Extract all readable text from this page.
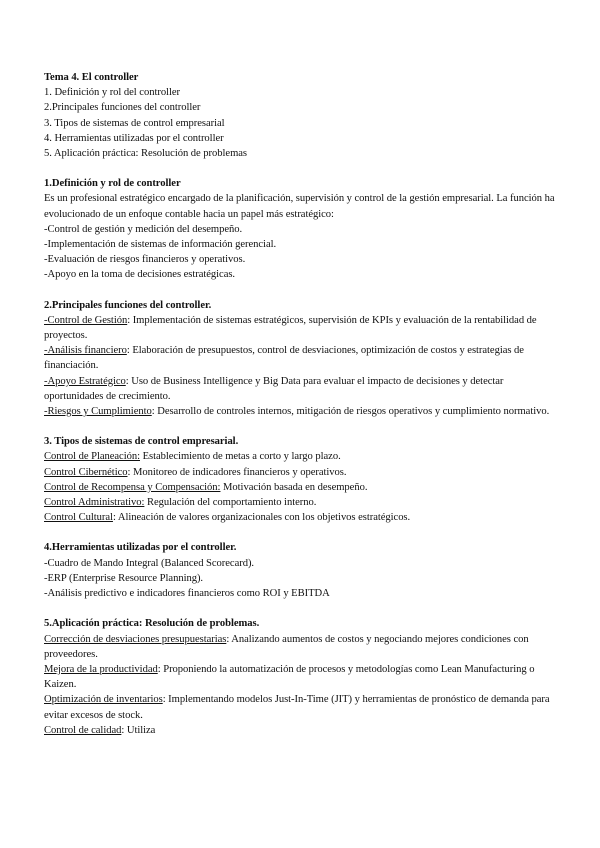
Tema 4. El controller

1. Definición y rol del controller

2.Principales funciones del controller

3. Tipos de sistemas de control empresarial

4. Herramientas utilizadas por el controller

5. Aplicación práctica: Resolución de problemas

1.Definición y rol de controller

Es un profesional estratégico encargado de la planificación, supervisión y control de la gestión empresarial. La función ha evolucionado de un enfoque contable hacia un papel más estratégico:

-Control de gestión y medición del desempeño.

-Implementación de sistemas de información gerencial.

-Evaluación de riesgos financieros y operativos.

-Apoyo en la toma de decisiones estratégicas.

2.Principales funciones del controller.

-Control de Gestión: Implementación de sistemas estratégicos, supervisión de KPIs y evaluación de la rentabilidad de proyectos.

-Análisis financiero: Elaboración de presupuestos, control de desviaciones, optimización de costos y estrategias de financiación.

-Apoyo Estratégico: Uso de Business Intelligence y Big Data para evaluar el impacto de decisiones y detectar oportunidades de crecimiento.

-Riesgos y Cumplimiento: Desarrollo de controles internos, mitigación de riesgos operativos y cumplimiento normativo.

3. Tipos de sistemas de control empresarial.

Control de Planeación: Establecimiento de metas a corto y largo plazo.

Control Cibernético: Monitoreo de indicadores financieros y operativos.

Control de Recompensa y Compensación: Motivación basada en desempeño.

Control Administrativo: Regulación del comportamiento interno.

Control Cultural: Alineación de valores organizacionales con los objetivos estratégicos.

4.Herramientas utilizadas por el controller.

-Cuadro de Mando Integral (Balanced Scorecard).

-ERP (Enterprise Resource Planning).

-Análisis predictivo e indicadores financieros como ROI y EBITDA

5.Aplicación práctica: Resolución de problemas.

Corrección de desviaciones presupuestarias: Analizando aumentos de costos y negociando mejores condiciones con proveedores.

Mejora de la productividad: Proponiendo la automatización de procesos y metodologías como Lean Manufacturing o Kaizen.

Optimización de inventarios: Implementando modelos Just-In-Time (JIT) y herramientas de pronóstico de demanda para evitar excesos de stock.

Control de calidad: Utiliza
